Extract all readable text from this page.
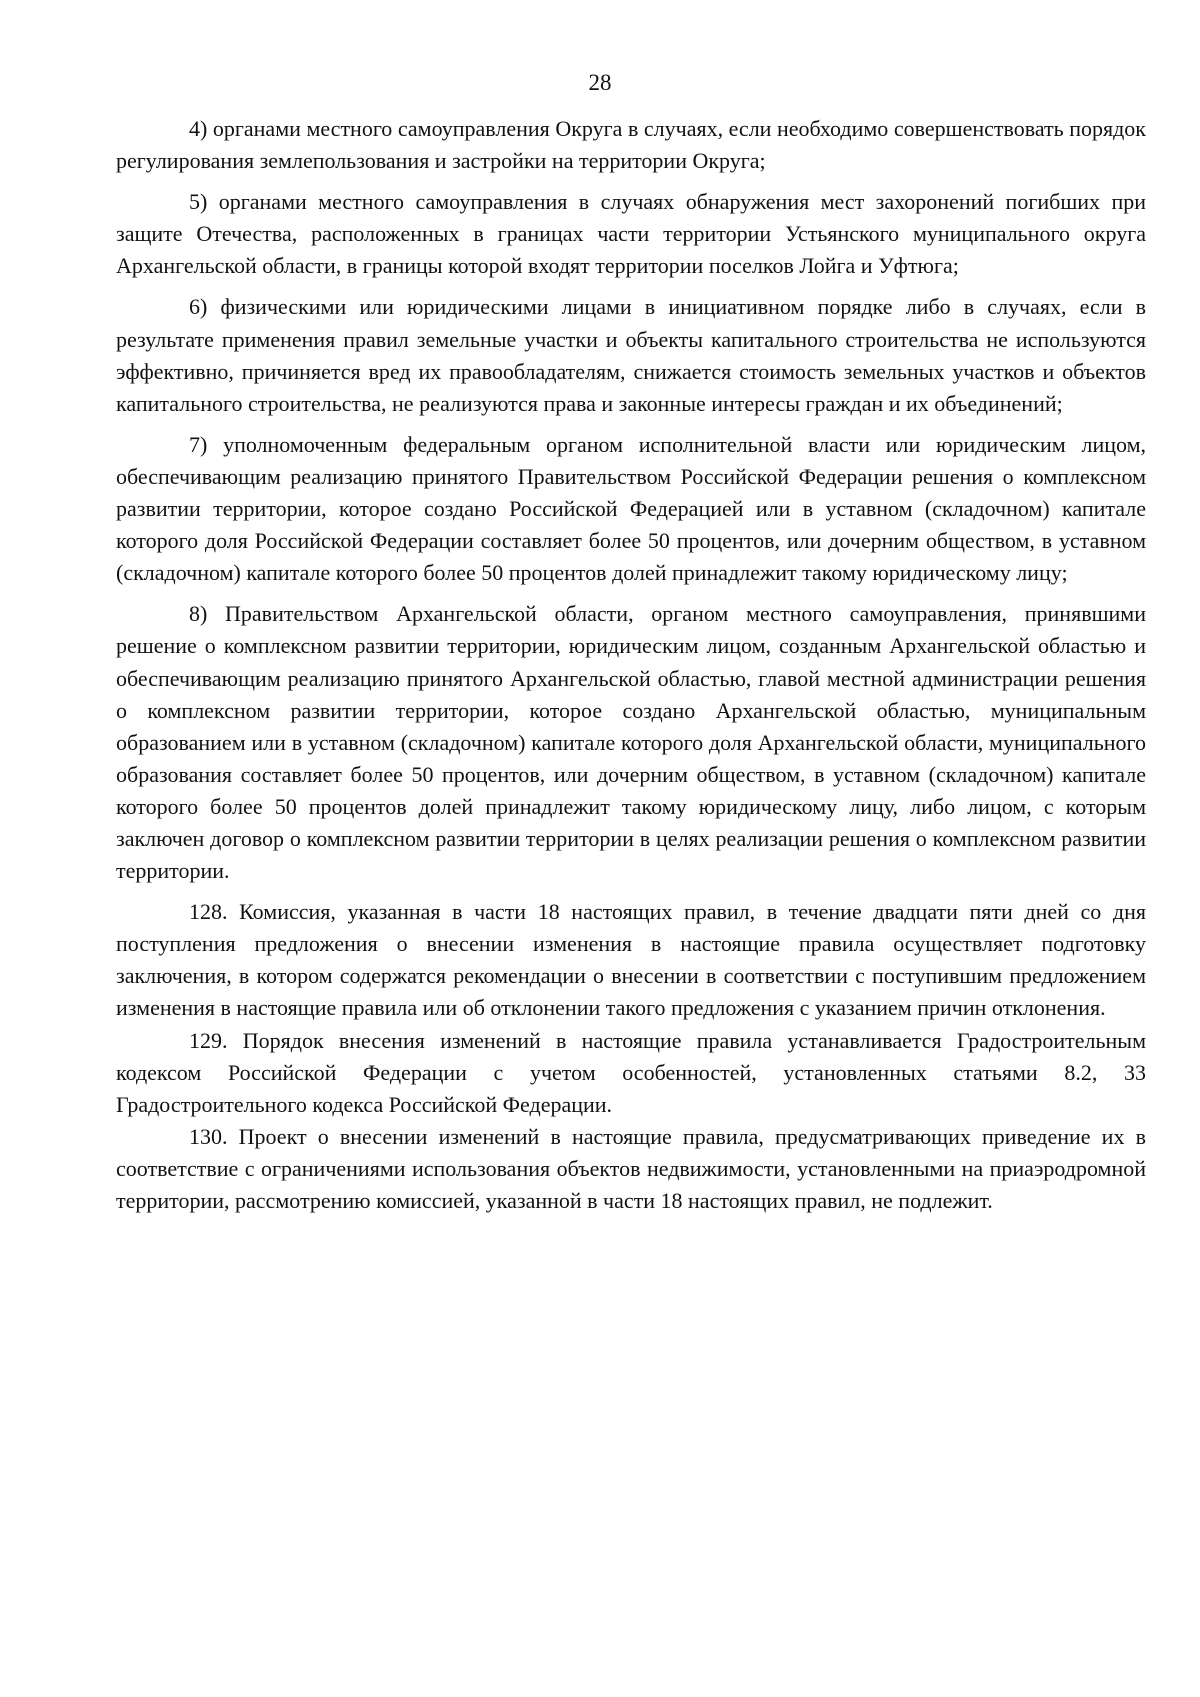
28

4) органами местного самоуправления Округа в случаях, если необходимо совершенствовать порядок регулирования землепользования и застройки на территории Округа;

5) органами местного самоуправления в случаях обнаружения мест захоронений погибших при защите Отечества, расположенных в границах части территории Устьянского муниципального округа Архангельской области, в границы которой входят территории поселков Лойга и Уфтюга;

6) физическими или юридическими лицами в инициативном порядке либо в случаях, если в результате применения правил земельные участки и объекты капитального строительства не используются эффективно, причиняется вред их правообладателям, снижается стоимость земельных участков и объектов капитального строительства, не реализуются права и законные интересы граждан и их объединений;

7) уполномоченным федеральным органом исполнительной власти или юридическим лицом, обеспечивающим реализацию принятого Правительством Российской Федерации решения о комплексном развитии территории, которое создано Российской Федерацией или в уставном (складочном) капитале которого доля Российской Федерации составляет более 50 процентов, или дочерним обществом, в уставном (складочном) капитале которого более 50 процентов долей принадлежит такому юридическому лицу;

8) Правительством Архангельской области, органом местного самоуправления, принявшими решение о комплексном развитии территории, юридическим лицом, созданным Архангельской областью и обеспечивающим реализацию принятого Архангельской областью, главой местной администрации решения о комплексном развитии территории, которое создано Архангельской областью, муниципальным образованием или в уставном (складочном) капитале которого доля Архангельской области, муниципального образования составляет более 50 процентов, или дочерним обществом, в уставном (складочном) капитале которого более 50 процентов долей принадлежит такому юридическому лицу, либо лицом, с которым заключен договор о комплексном развитии территории в целях реализации решения о комплексном развитии территории.

128. Комиссия, указанная в части 18 настоящих правил, в течение двадцати пяти дней со дня поступления предложения о внесении изменения в настоящие правила осуществляет подготовку заключения, в котором содержатся рекомендации о внесении в соответствии с поступившим предложением изменения в настоящие правила или об отклонении такого предложения с указанием причин отклонения.

129. Порядок внесения изменений в настоящие правила устанавливается Градостроительным кодексом Российской Федерации с учетом особенностей, установленных статьями 8.2, 33 Градостроительного кодекса Российской Федерации.

130. Проект о внесении изменений в настоящие правила, предусматривающих приведение их в соответствие с ограничениями использования объектов недвижимости, установленными на приаэродромной территории, рассмотрению комиссией, указанной в части 18 настоящих правил, не подлежит.
